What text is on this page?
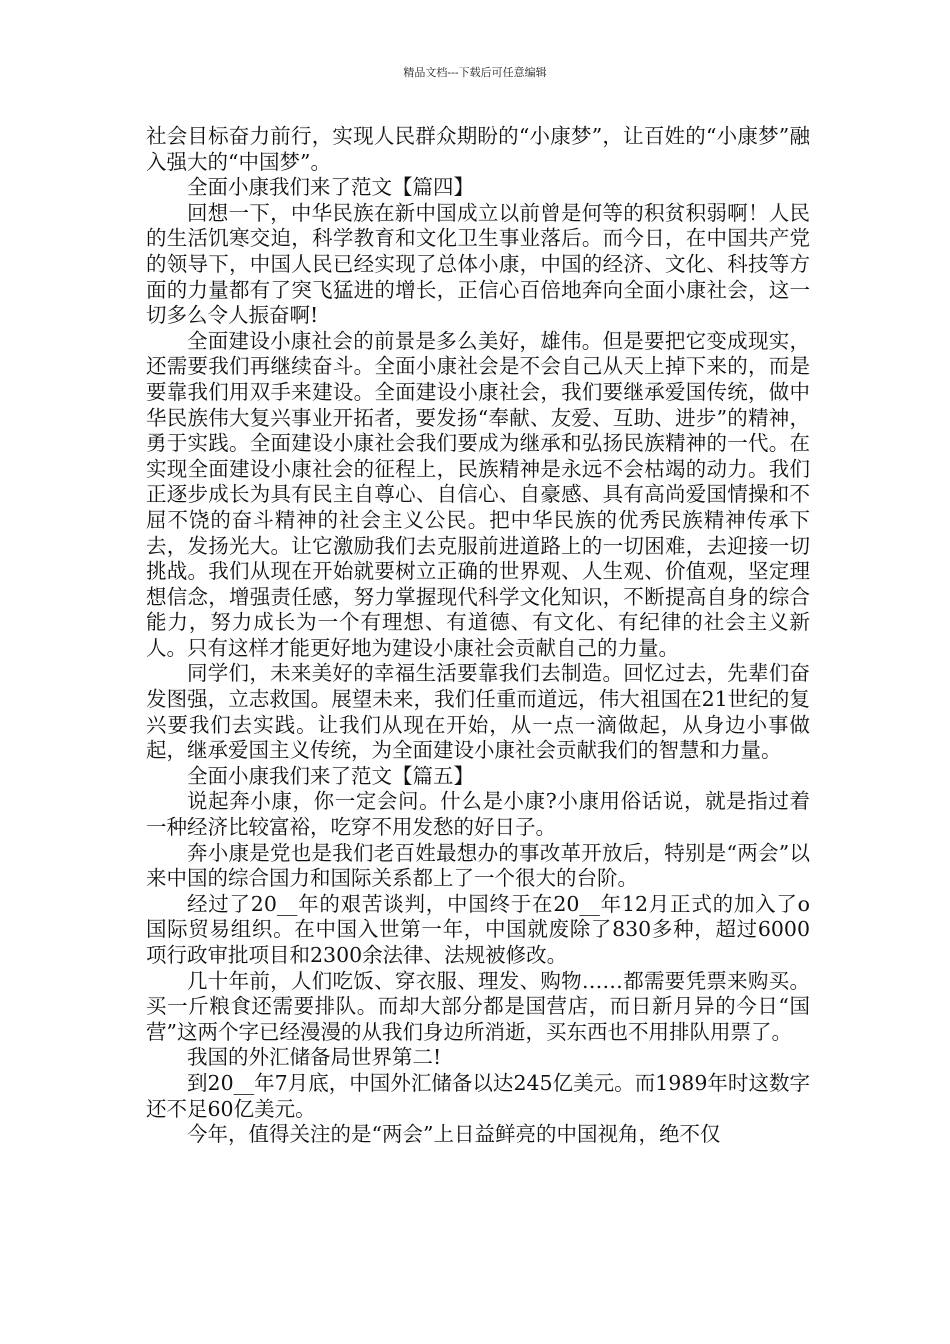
精品文档---下载后可任意编辑

社会目标奋力前行，实现人民群众期盼的“小康梦”，让百姓的“小康梦”融入强大的“中国梦”。

全面小康我们来了范文【篇四】

回想一下，中华民族在新中国成立以前曾是何等的积贫积弱啊！人民的生活饥寒交迫，科学教育和文化卫生事业落后。而今日，在中国共产党的领导下，中国人民已经实现了总体小康，中国的经济、文化、科技等方面的力量都有了突飞猛进的增长，正信心百倍地奔向全面小康社会，这一切多么令人振奋啊!

全面建设小康社会的前景是多么美好，雄伟。但是要把它变成现实，还需要我们再继续奋斗。全面小康社会是不会自己从天上掉下来的，而是要靠我们用双手来建设。全面建设小康社会，我们要继承爱国传统，做中华民族伟大复兴事业开拓者，要发扬“奉献、友爱、互助、进步”的精神，勇于实践。全面建设小康社会我们要成为继承和弘扬民族精神的一代。在实现全面建设小康社会的征程上，民族精神是永远不会枯竭的动力。我们正逐步成长为具有民主自尊心、自信心、自豪感、具有高尚爱国情操和不屈不饶的奋斗精神的社会主义公民。把中华民族的优秀民族精神传承下去，发扬光大。让它激励我们去克服前进道路上的一切困难，去迎接一切挑战。我们从现在开始就要树立正确的世界观、人生观、价值观，坚定理想信念，增强责任感，努力掌握现代科学文化知识，不断提高自身的综合能力，努力成长为一个有理想、有道德、有文化、有纪律的社会主义新人。只有这样才能更好地为建设小康社会贡献自己的力量。

同学们，未来美好的幸福生活要靠我们去制造。回忆过去，先辈们奋发图强，立志救国。展望未来，我们任重而道远，伟大祖国在21世纪的复兴要我们去实践。让我们从现在开始，从一点一滴做起，从身边小事做起，继承爱国主义传统，为全面建设小康社会贡献我们的智慧和力量。

全面小康我们来了范文【篇五】

说起奔小康，你一定会问。什么是小康?小康用俗话说，就是指过着一种经济比较富裕，吃穿不用发愁的好日子。

奔小康是党也是我们老百姓最想办的事改革开放后，特别是“两会”以来中国的综合国力和国际关系都上了一个很大的台阶。

经过了20__年的艰苦谈判，中国终于在20__年12月正式的加入了o国际贸易组织。在中国入世第一年，中国就废除了830多种，超过6000项行政审批项目和2300余法律、法规被修改。

几十年前，人们吃饭、穿衣服、理发、购物……都需要凭票来购买。买一斤粮食还需要排队。而却大部分都是国营店，而日新月异的今日“国营”这两个字已经漫漫的从我们身边所消逝，买东西也不用排队用票了。

我国的外汇储备局世界第二!

到20__年7月底，中国外汇储备以达245亿美元。而1989年时这数字还不足60亿美元。

今年，值得关注的是“两会”上日益鲜亮的中国视角，绝不仅
